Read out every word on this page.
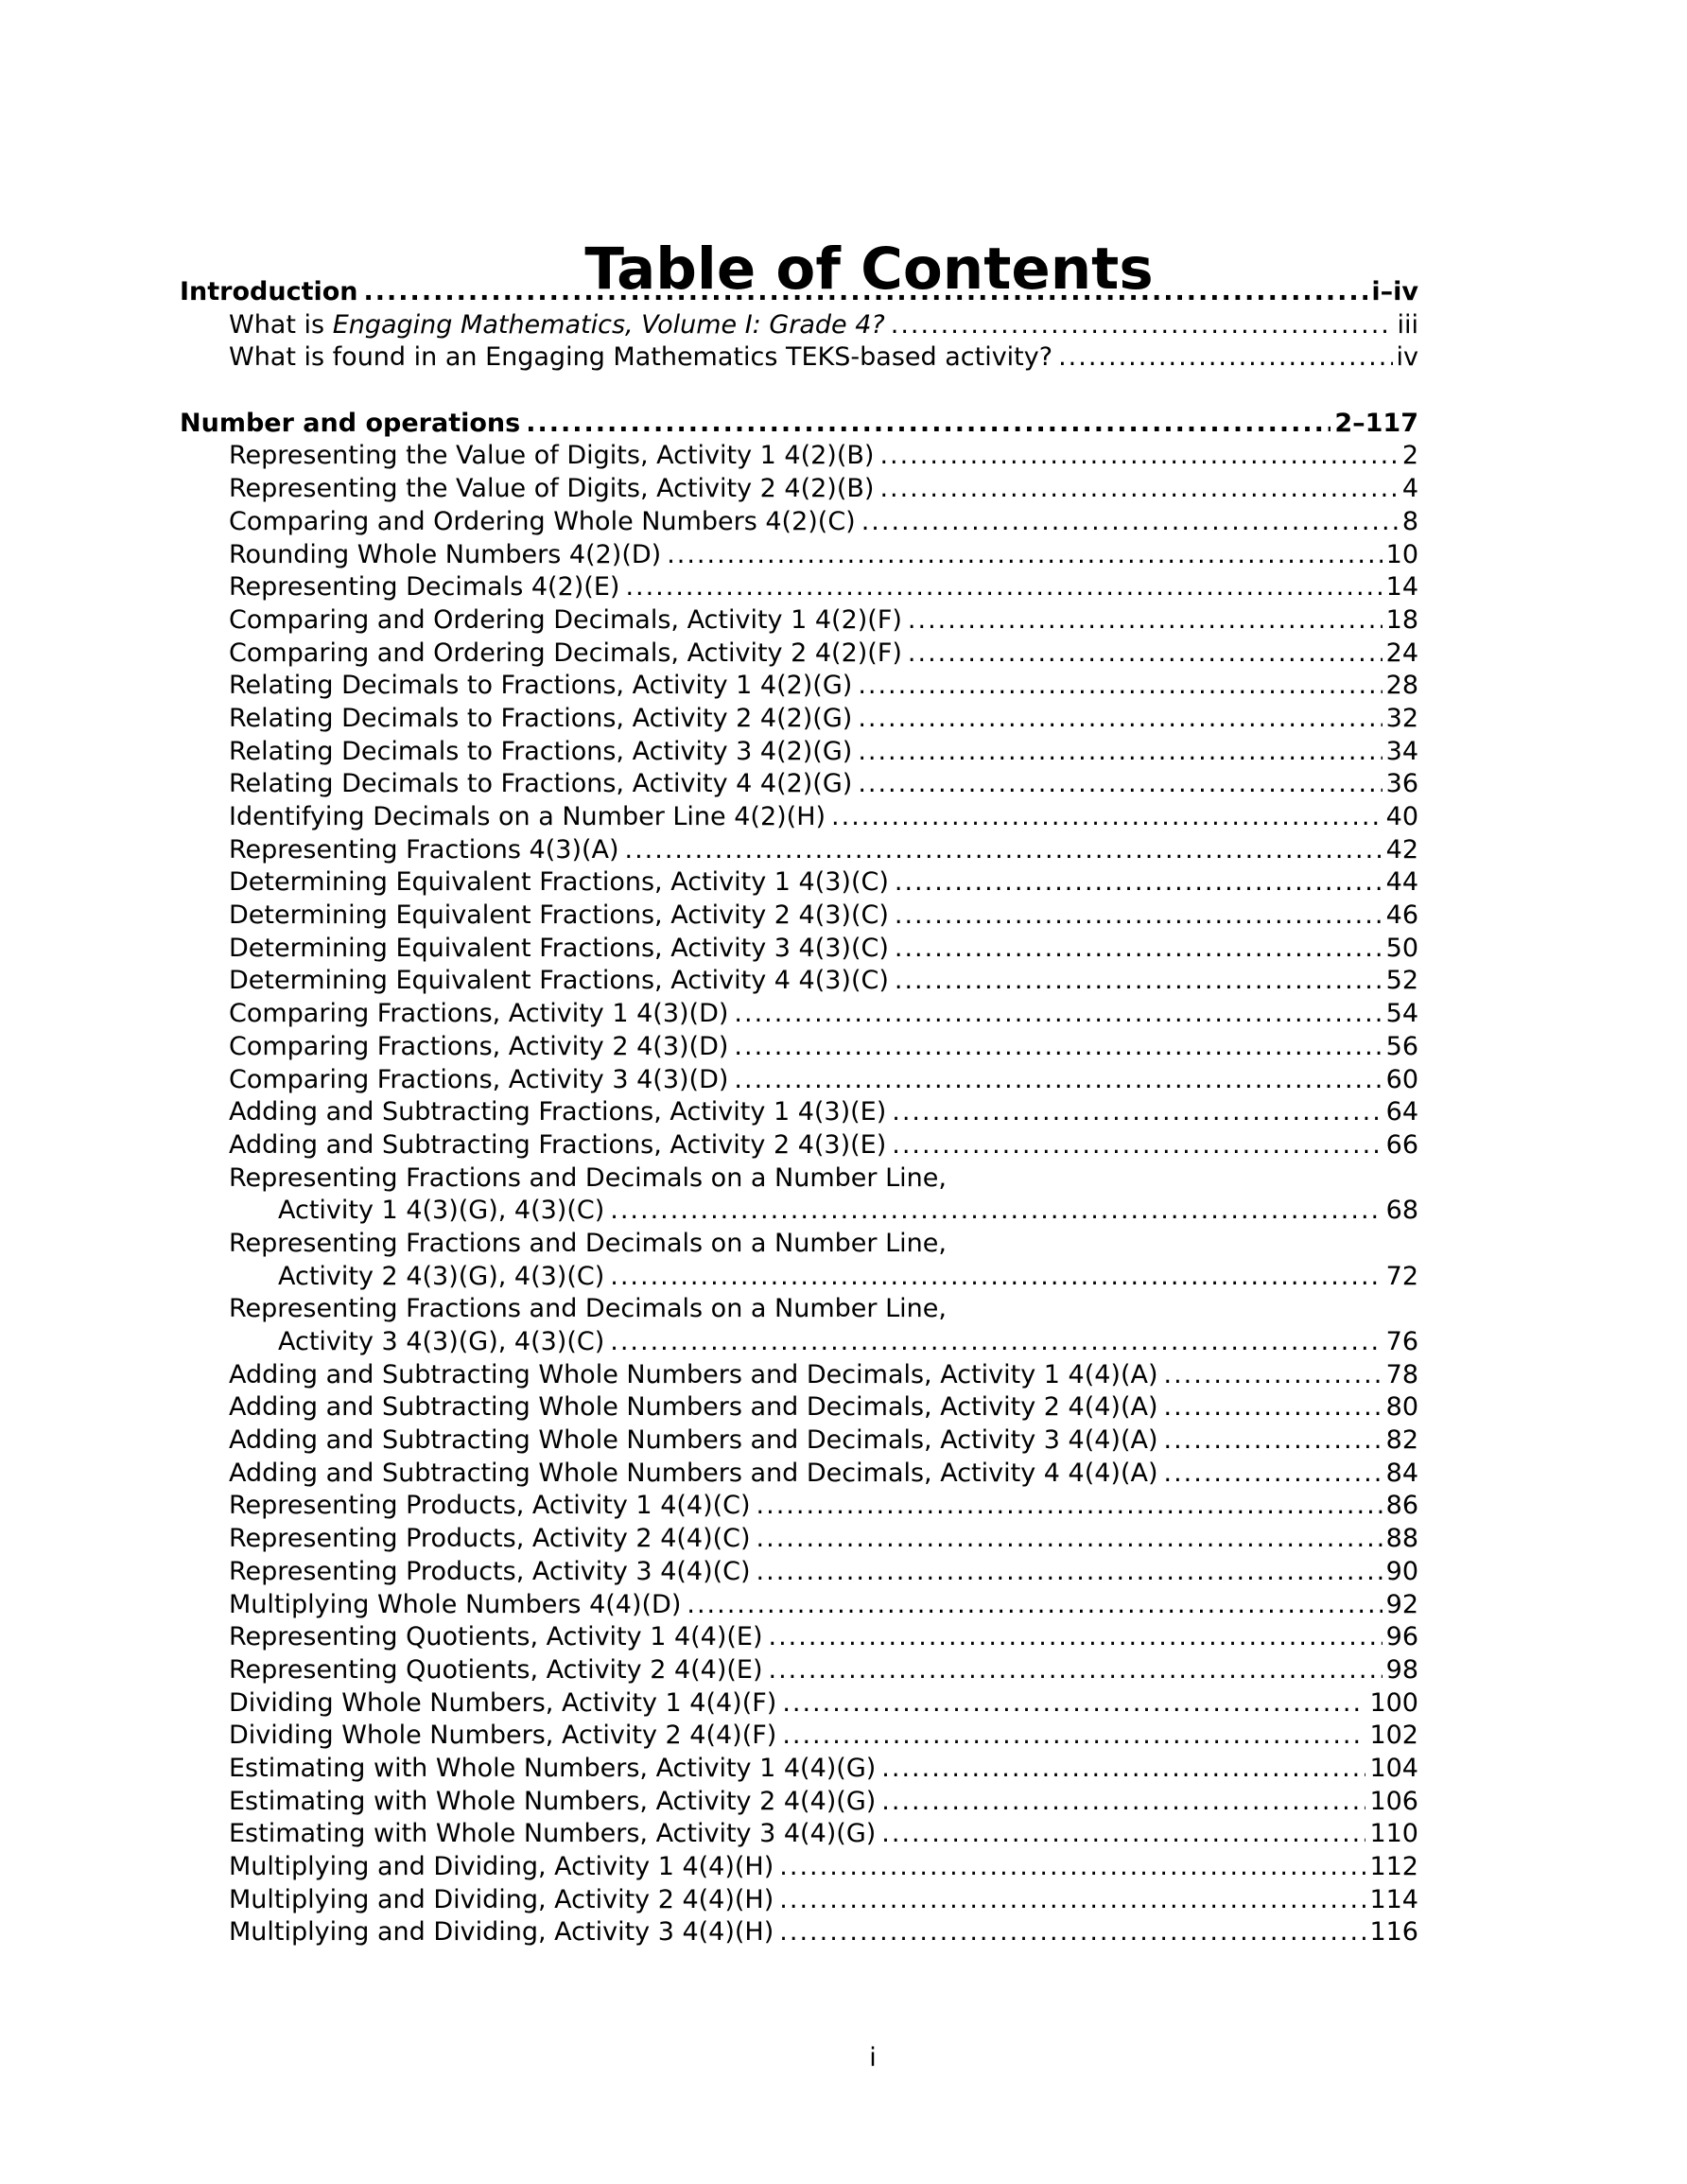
Table of Contents
Introduction .....	i–iv
What is Engaging Mathematics, Volume I: Grade 4? .....	iii
What is found in an Engaging Mathematics TEKS-based activity? .....	iv
Number and operations .....	2–117
Representing the Value of Digits, Activity 1 4(2)(B) .....	2
Representing the Value of Digits, Activity 2 4(2)(B) .....	4
Comparing and Ordering Whole Numbers 4(2)(C) .....	8
Rounding Whole Numbers 4(2)(D) .....	10
Representing Decimals 4(2)(E) .....	14
Comparing and Ordering Decimals, Activity 1 4(2)(F) .....	18
Comparing and Ordering Decimals, Activity 2 4(2)(F) .....	24
Relating Decimals to Fractions, Activity 1 4(2)(G) .....	28
Relating Decimals to Fractions, Activity 2 4(2)(G) .....	32
Relating Decimals to Fractions, Activity 3 4(2)(G) .....	34
Relating Decimals to Fractions, Activity 4 4(2)(G) .....	36
Identifying Decimals on a Number Line 4(2)(H) .....	40
Representing Fractions 4(3)(A) .....	42
Determining Equivalent Fractions, Activity 1 4(3)(C) .....	44
Determining Equivalent Fractions, Activity 2 4(3)(C) .....	46
Determining Equivalent Fractions, Activity 3 4(3)(C) .....	50
Determining Equivalent Fractions, Activity 4 4(3)(C) .....	52
Comparing Fractions, Activity 1 4(3)(D) .....	54
Comparing Fractions, Activity 2 4(3)(D) .....	56
Comparing Fractions, Activity 3 4(3)(D) .....	60
Adding and Subtracting Fractions, Activity 1 4(3)(E) .....	64
Adding and Subtracting Fractions, Activity 2 4(3)(E) .....	66
Representing Fractions and Decimals on a Number Line,
Activity 1 4(3)(G), 4(3)(C) .....	68
Representing Fractions and Decimals on a Number Line,
Activity 2 4(3)(G), 4(3)(C) .....	72
Representing Fractions and Decimals on a Number Line,
Activity 3 4(3)(G), 4(3)(C) .....	76
Adding and Subtracting Whole Numbers and Decimals, Activity 1 4(4)(A) .....	78
Adding and Subtracting Whole Numbers and Decimals, Activity 2 4(4)(A) .....	80
Adding and Subtracting Whole Numbers and Decimals, Activity 3 4(4)(A) .....	82
Adding and Subtracting Whole Numbers and Decimals, Activity 4 4(4)(A) .....	84
Representing Products, Activity 1 4(4)(C) .....	86
Representing Products, Activity 2 4(4)(C) .....	88
Representing Products, Activity 3 4(4)(C) .....	90
Multiplying Whole Numbers 4(4)(D) .....	92
Representing Quotients, Activity 1 4(4)(E) .....	96
Representing Quotients, Activity 2 4(4)(E) .....	98
Dividing Whole Numbers, Activity 1 4(4)(F) .....	100
Dividing Whole Numbers, Activity 2 4(4)(F) .....	102
Estimating with Whole Numbers, Activity 1 4(4)(G) .....	104
Estimating with Whole Numbers, Activity 2 4(4)(G) .....	106
Estimating with Whole Numbers, Activity 3 4(4)(G) .....	110
Multiplying and Dividing, Activity 1 4(4)(H) .....	112
Multiplying and Dividing, Activity 2 4(4)(H) .....	114
Multiplying and Dividing, Activity 3 4(4)(H) .....	116
i
